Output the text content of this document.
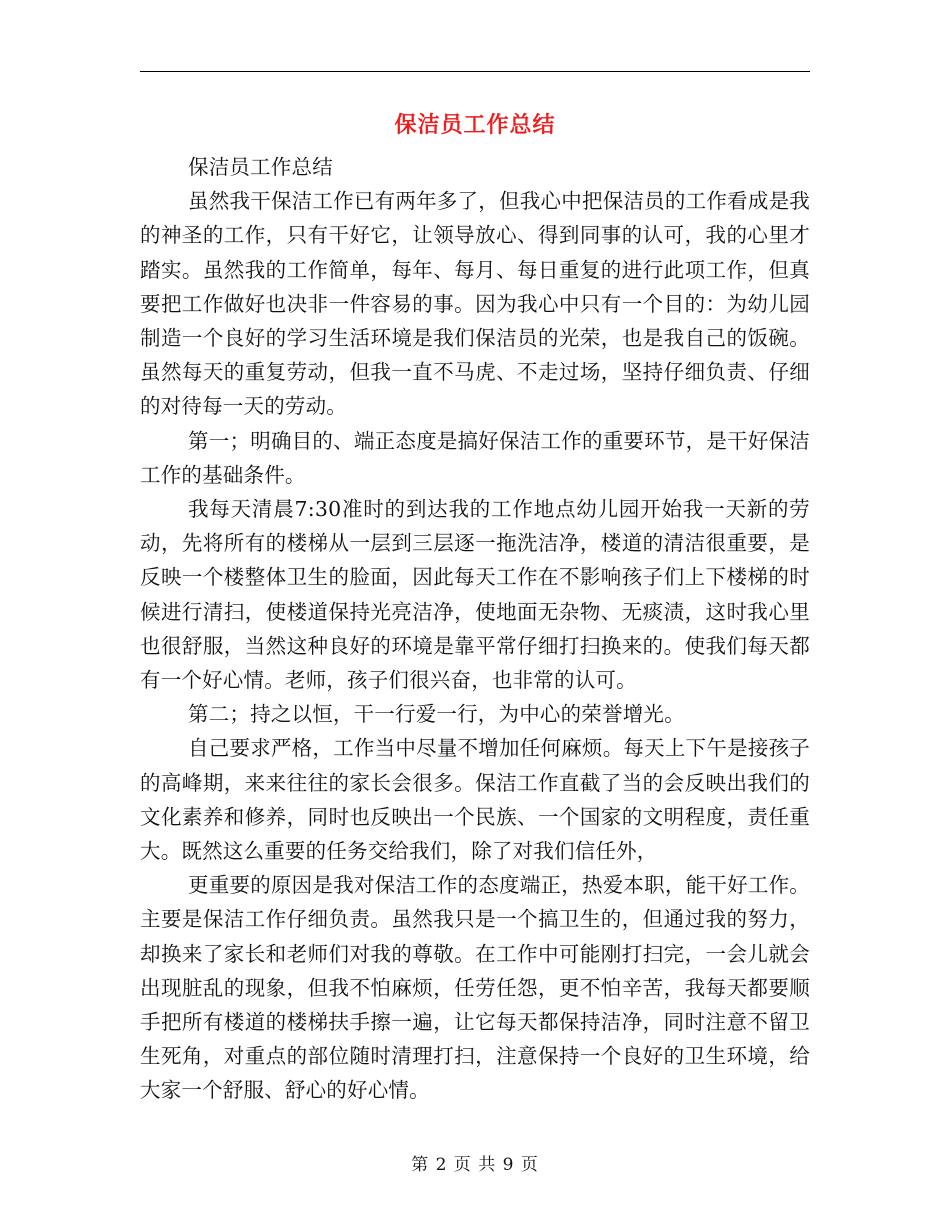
保洁员工作总结

保洁员工作总结

虽然我干保洁工作已有两年多了，但我心中把保洁员的工作看成是我的神圣的工作，只有干好它，让领导放心、得到同事的认可，我的心里才踏实。虽然我的工作简单，每年、每月、每日重复的进行此项工作，但真要把工作做好也决非一件容易的事。因为我心中只有一个目的：为幼儿园制造一个良好的学习生活环境是我们保洁员的光荣，也是我自己的饭碗。虽然每天的重复劳动，但我一直不马虎、不走过场，坚持仔细负责、仔细的对待每一天的劳动。

第一；明确目的、端正态度是搞好保洁工作的重要环节，是干好保洁工作的基础条件。

我每天清晨7:30准时的到达我的工作地点幼儿园开始我一天新的劳动，先将所有的楼梯从一层到三层逐一拖洗洁净，楼道的清洁很重要，是反映一个楼整体卫生的脸面，因此每天工作在不影响孩子们上下楼梯的时候进行清扫，使楼道保持光亮洁净，使地面无杂物、无痰渍，这时我心里也很舒服，当然这种良好的环境是靠平常仔细打扫换来的。使我们每天都有一个好心情。老师，孩子们很兴奋，也非常的认可。

第二；持之以恒，干一行爱一行，为中心的荣誉增光。

自己要求严格，工作当中尽量不增加任何麻烦。每天上下午是接孩子的高峰期，来来往往的家长会很多。保洁工作直截了当的会反映出我们的文化素养和修养，同时也反映出一个民族、一个国家的文明程度，责任重大。既然这么重要的任务交给我们，除了对我们信任外，

更重要的原因是我对保洁工作的态度端正，热爱本职，能干好工作。主要是保洁工作仔细负责。虽然我只是一个搞卫生的，但通过我的努力，却换来了家长和老师们对我的尊敬。在工作中可能刚打扫完，一会儿就会出现脏乱的现象，但我不怕麻烦，任劳任怨，更不怕辛苦，我每天都要顺手把所有楼道的楼梯扶手擦一遍，让它每天都保持洁净，同时注意不留卫生死角，对重点的部位随时清理打扫，注意保持一个良好的卫生环境，给大家一个舒服、舒心的好心情。

第 2 页 共 9 页
